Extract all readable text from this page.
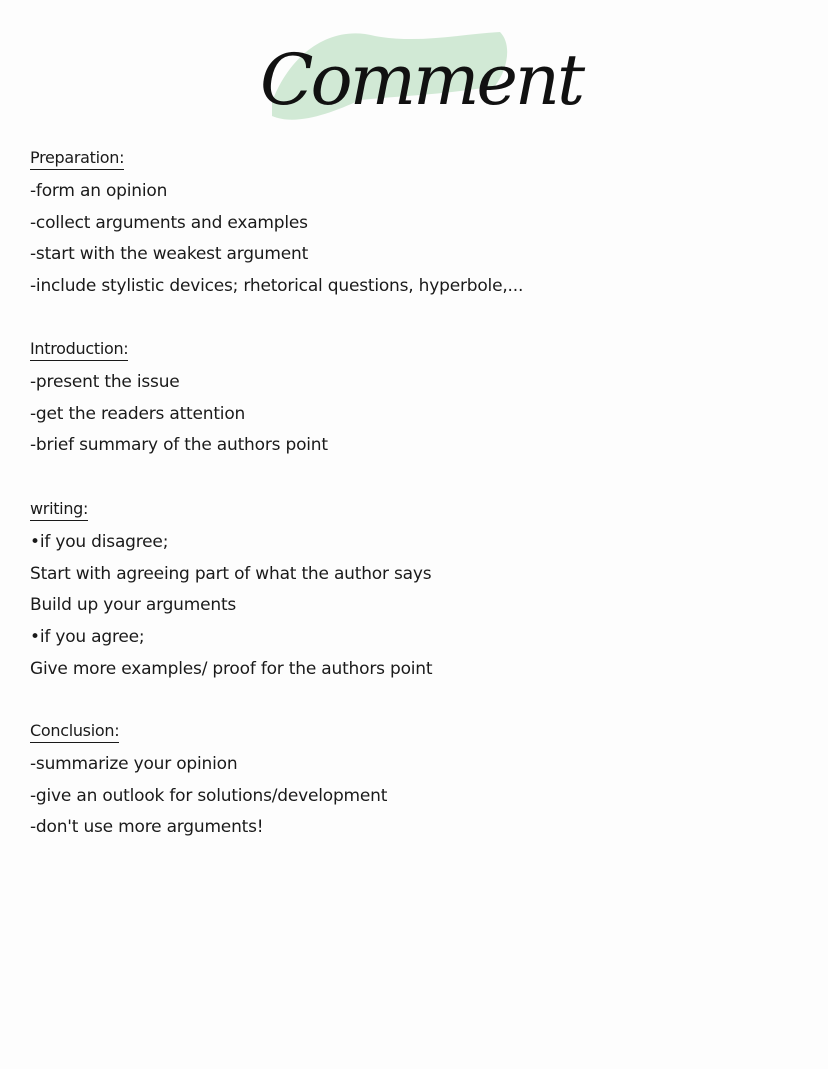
Comment
Preparation:
-form an opinion
-collect arguments and examples
-start with the weakest argument
-include stylistic devices; rhetorical questions, hyperbole,...
Introduction:
-present the issue
-get the readers attention
-brief summary of the authors point
writing:
•if you disagree;
Start with agreeing part of what the author says
Build up your arguments
•if you agree;
Give more examples/ proof for the authors point
Conclusion:
-summarize your opinion
-give an outlook for solutions/development
-don't use more arguments!
